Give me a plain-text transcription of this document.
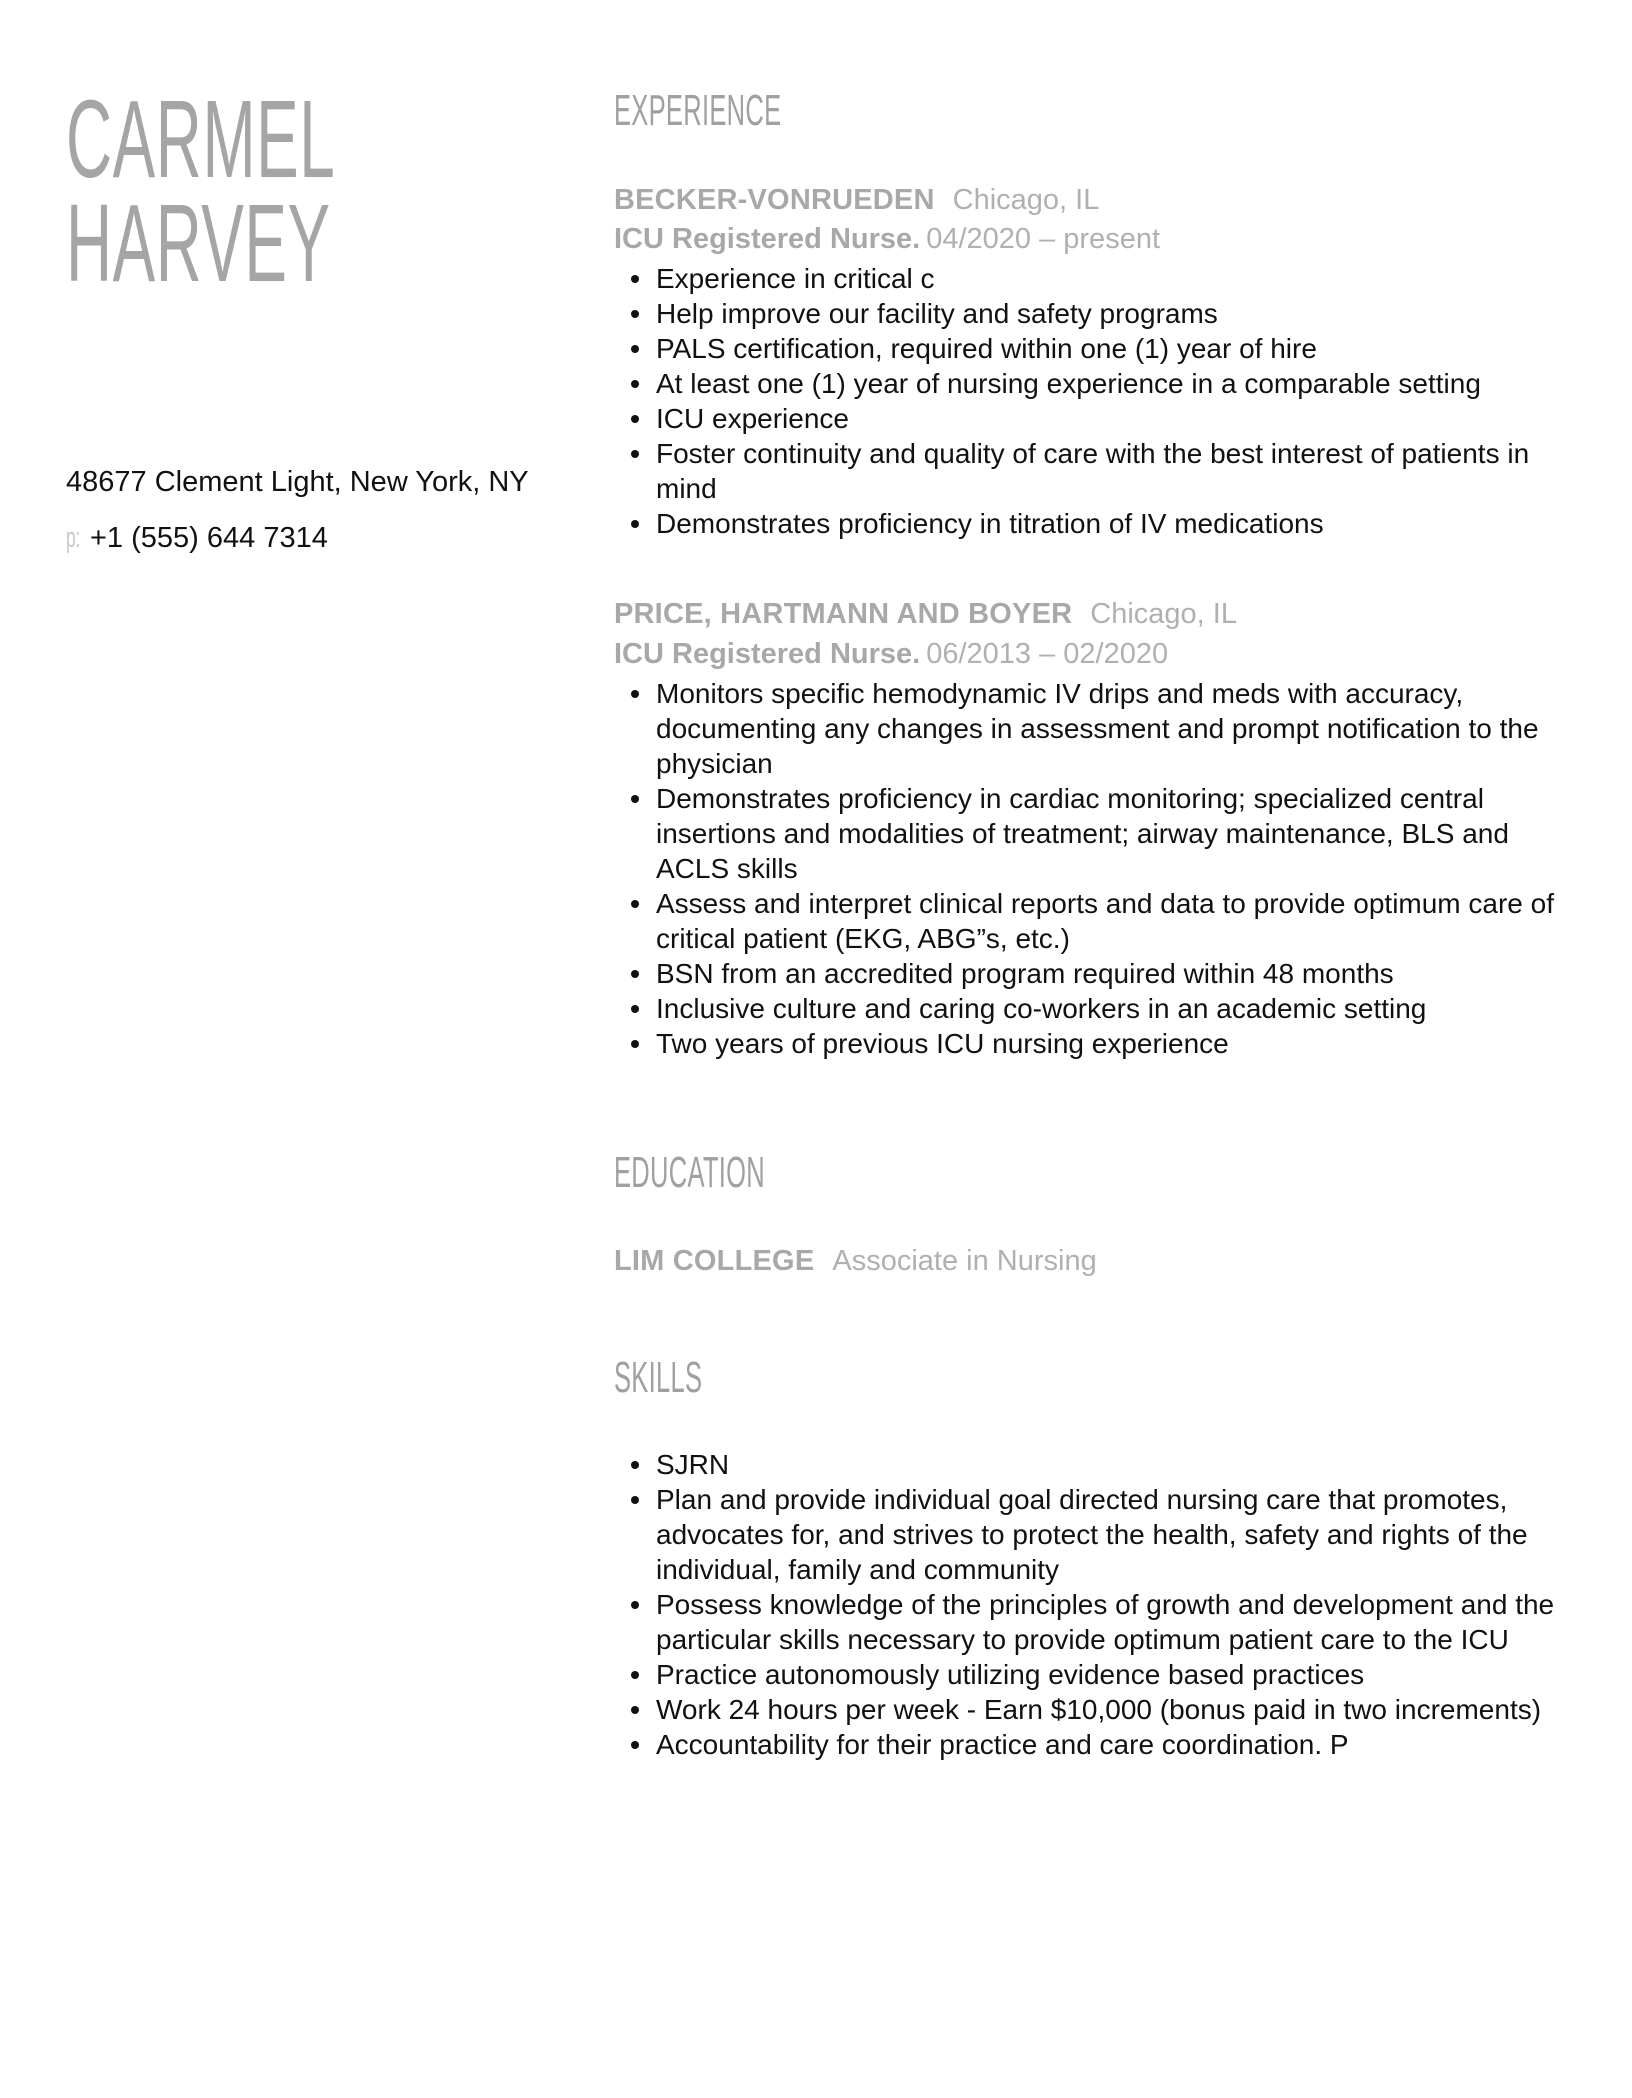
CARMEL
HARVEY
48677 Clement Light, New York, NY
p: +1 (555) 644 7314
EXPERIENCE
BECKER-VONRUEDEN Chicago, IL
ICU Registered Nurse. 04/2020 – present
Experience in critical c
Help improve our facility and safety programs
PALS certification, required within one (1) year of hire
At least one (1) year of nursing experience in a comparable setting
ICU experience
Foster continuity and quality of care with the best interest of patients in mind
Demonstrates proficiency in titration of IV medications
PRICE, HARTMANN AND BOYER Chicago, IL
ICU Registered Nurse. 06/2013 – 02/2020
Monitors specific hemodynamic IV drips and meds with accuracy, documenting any changes in assessment and prompt notification to the physician
Demonstrates proficiency in cardiac monitoring; specialized central insertions and modalities of treatment; airway maintenance, BLS and ACLS skills
Assess and interpret clinical reports and data to provide optimum care of critical patient (EKG, ABG”s, etc.)
BSN from an accredited program required within 48 months
Inclusive culture and caring co-workers in an academic setting
Two years of previous ICU nursing experience
EDUCATION
LIM COLLEGE Associate in Nursing
SKILLS
SJRN
Plan and provide individual goal directed nursing care that promotes, advocates for, and strives to protect the health, safety and rights of the individual, family and community
Possess knowledge of the principles of growth and development and the particular skills necessary to provide optimum patient care to the ICU
Practice autonomously utilizing evidence based practices
Work 24 hours per week - Earn $10,000 (bonus paid in two increments)
Accountability for their practice and care coordination. P
